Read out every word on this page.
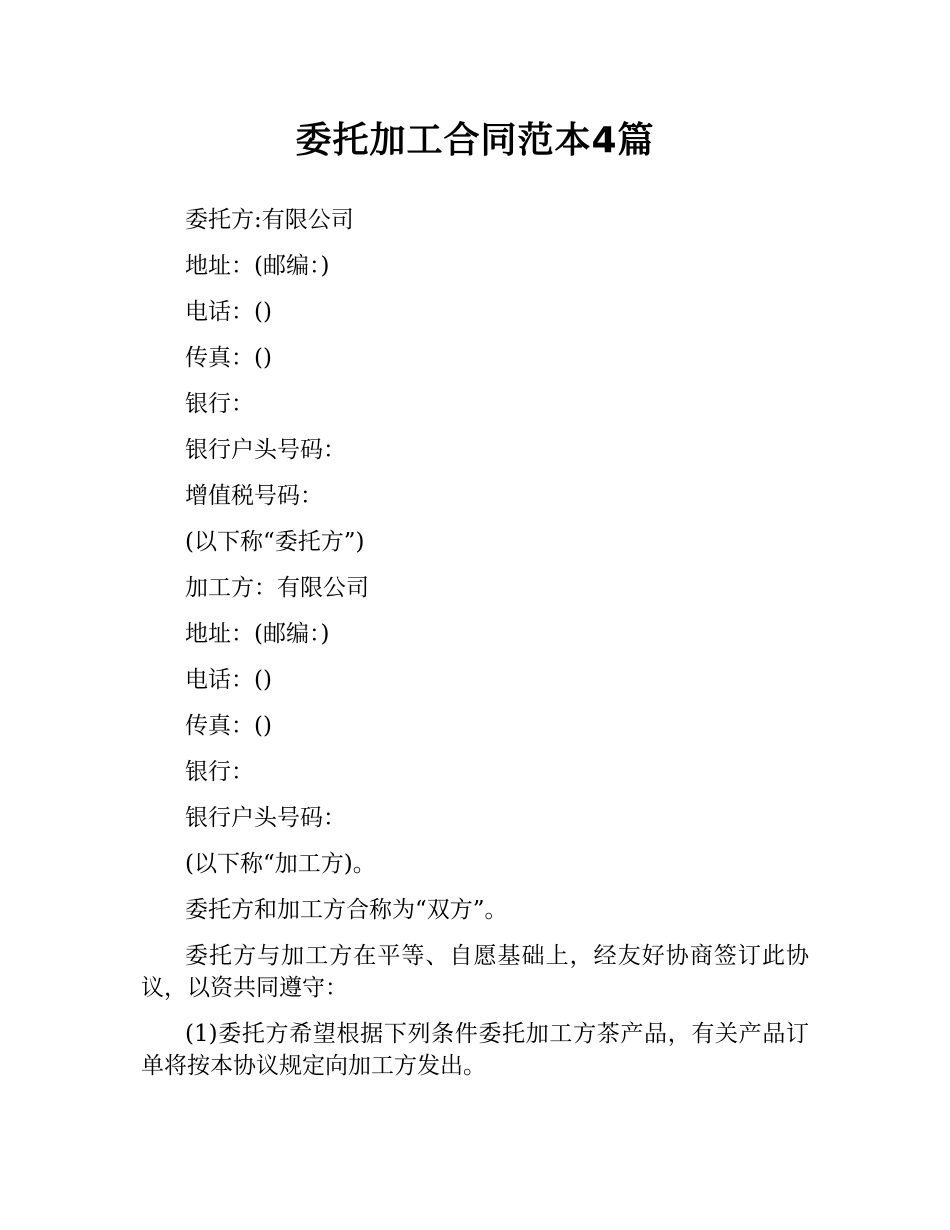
委托加工合同范本4篇

委托方:有限公司

地址：(邮编：)

电话：()

传真：()

银行：

银行户头号码：

增值税号码：

(以下称“委托方”)

加工方：有限公司

地址：(邮编：)

电话：()

传真：()

银行：

银行户头号码：

(以下称“加工方)。

委托方和加工方合称为“双方”。

委托方与加工方在平等、自愿基础上，经友好协商签订此协议，以资共同遵守：

(1)委托方希望根据下列条件委托加工方茶产品，有关产品订单将按本协议规定向加工方发出。
